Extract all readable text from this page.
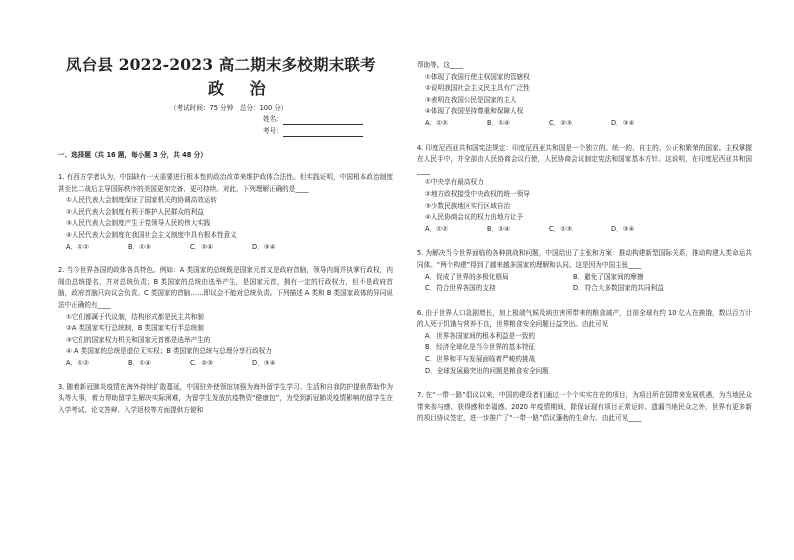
凤台县 2022-2023 高二期末多校期末联考
政 治
（考试时间：75 分钟　总分：100 分）
姓名：
考号：
一、选择题（共 16 题，每小题 3 分，共 48 分）
1. 有西方学者认为，中国缺有一天需要进行根本性的政治改革来维护政体合法性。但实践证明，中国根本政治制度甚至比二战后主导国际秩序的美国更加完备、更可持续。对此，下列理解正确的是____
①人民代表大会制度保证了国家机关的协调高效运转
②人民代表大会制度有利于维护人民群众的利益
③人民代表大会制度产生于党领导人民的伟大实践
④人民代表大会制度在我国社会主义制度中具有根本性意义
A．①②	B．①③	C．②④	D．③④
2. 当今世界各国的政体各具特色。例如：A 类国家的总统既是国家元首又是政府首脑，领导内阁并执掌行政权，内阁由总统提名，并对总统负责；B 类国家的总统由选举产生，是国家元首，拥有一定的行政权力，但不是政府首脑，政府首脑只向议会负责。C 类国家的首脑……即议会不能对总统负责。下列描述 A 类和 B 类国家政体的异同说法中正确的有____
①它们都属于代议制，结构形式都是民主共和制
②A 类国家实行总统制，B 类国家实行半总统制
③它们的国家权力机关和国家元首都是选举产生的
④ A 类国家的总统是虚位无实权；B 类国家的总统与总理分享行政权力
A．①②	B．①④	C．②③	D．③④
3. 随着新冠肺炎疫情在海外持续扩散蔓延，中国驻外使领馆加强为海外留学生学习、生活和自我防护提供帮助作为头等大事，着力帮助留学生解决实际困难，为留学生发放抗疫物资“健康包”，为受到新冠肺炎疫情影响的留学生在入学考试、论文答辩、入学返校等方面提供方便和
帮助等。这____
①体现了我国行使主权国家的管辖权
②说明我国社会主义民主具有广泛性
③表明在我国公民是国家的主人
④体现了我国坚持尊重和保障人权
A．①②	B．①④	C．②③	D．③④
4. 印度尼西亚共和国宪法规定：印度尼西亚共和国是一个独立的、统一的、自主的、公正和繁荣的国家。主权掌握在人民手中，并全部由人民协商会议行使，人民协商会议制定宪法和国家基本方针。这说明，在印度尼西亚共和国____
①中央享有最高权力
②地方政权接受中央政权的统一领导
③少数民族地区实行区域自治
④人民协商会议的权力由地方让予
A．①②	B．②④	C．①③	D．③④
5. 为解决当今世界面临的各种挑战和问题，中国给出了主张和方案：推动构建新型国际关系，推动构建人类命运共同体。“两个构建”得到了越来越多国家的理解和认同。这是因为中国主张____
A．促成了世界的多极化格局	B．避免了国家间的摩擦
C．符合世界各国的支持	D．符合大多数国家的共同利益
6. 由于世界人口急剧增长，加上极端气候及病虫害所带来的粮食减产，目前全球有约 10 亿人在挨饿，数以百万计的人死于饥饿与营养不良，世界粮食安全问题日益突出。由此可见
A．世界各国家间的根本利益是一致的
B．经济全球化是当今世界的基本特征
C．世界和平与发展面临着严峻的挑战
D．全球发展最突出的问题是粮食安全问题
7. 在“一带一路”倡议以来，中国的建设者们通过一个个实实在在的项目，为项目所在国带来发展机遇，为当地民众带来参与感、获得感和幸福感。2020 年疫情期间，除保证现有项目正常运转、遗漏当地民众之外，世界有更多新的项目协议签定，进一步推广了“一带一路”倡议蓬勃的生命力。由此可见____
